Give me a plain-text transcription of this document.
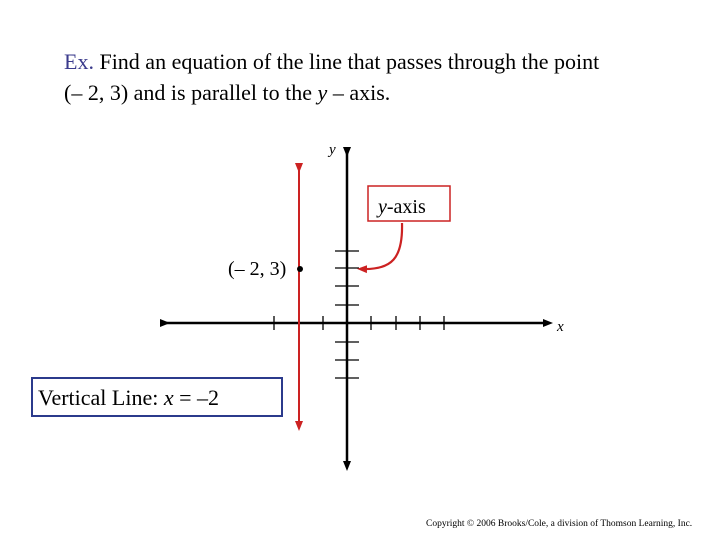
Ex. Find an equation of the line that passes through the point
(– 2, 3) and is parallel to the y – axis.
y
x
(– 2, 3)
y-axis
Vertical Line: x = –2
Copyright © 2006 Brooks/Cole, a division of Thomson Learning, Inc.
